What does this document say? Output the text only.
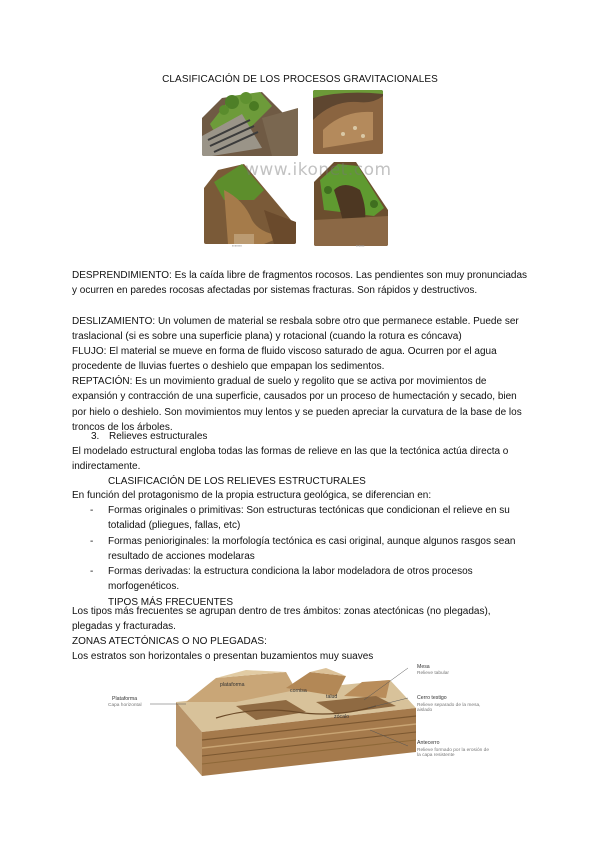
CLASIFICACIÓN DE LOS PROCESOS GRAVITACIONALES
▪▪▪▪▪▪▪	▪▪▪▪▪▪
www.ikonet.com
DESPRENDIMIENTO: Es la caída libre de fragmentos rocosos. Las pendientes son muy pronunciadas y ocurren en paredes rocosas afectadas por sistemas fracturas. Son rápidos y destructivos.
DESLIZAMIENTO: Un volumen de material se resbala sobre otro que permanece estable. Puede ser traslacional (si es sobre una superficie plana) y rotacional (cuando la rotura es cóncava)
FLUJO: El material se mueve en forma de fluido viscoso saturado de agua. Ocurren por el agua procedente de lluvias fuertes o deshielo que empapan los sedimentos.
REPTACIÓN: Es un movimiento gradual de suelo y regolito que se activa por movimientos de expansión y contracción de una superficie, causados por un proceso de humectación y secado, bien por hielo o deshielo. Son movimientos muy lentos y se pueden apreciar la curvatura de la base de los troncos de los árboles.
3. Relieves estructurales
El modelado estructural engloba todas las formas de relieve en las que la tectónica actúa directa o indirectamente.
CLASIFICACIÓN DE LOS RELIEVES ESTRUCTURALES
En función del protagonismo de la propia estructura geológica, se diferencian en:
- Formas originales o primitivas: Son estructuras tectónicas que condicionan el relieve en su totalidad (pliegues, fallas, etc)
- Formas penioriginales: la morfología tectónica es casi original, aunque algunos rasgos sean resultado de acciones modelaras
- Formas derivadas: la estructura condiciona la labor modeladora de otros procesos morfogenéticos.
TIPOS MÁS FRECUENTES
Los tipos más frecuentes se agrupan dentro de tres ámbitos: zonas atectónicas (no plegadas), plegadas y fracturadas.
ZONAS ATECTÓNICAS O NO PLEGADAS:
Los estratos son horizontales o presentan buzamientos muy suaves
Mesa
Relieve tabular
Cerro testigo
Relieve separado de la mesa, aislado
Antecerro
Relieve formado por la erosión de la capa resistente
Plataforma
Capa horizontal
plataforma
cornisa
talud
zócalo
